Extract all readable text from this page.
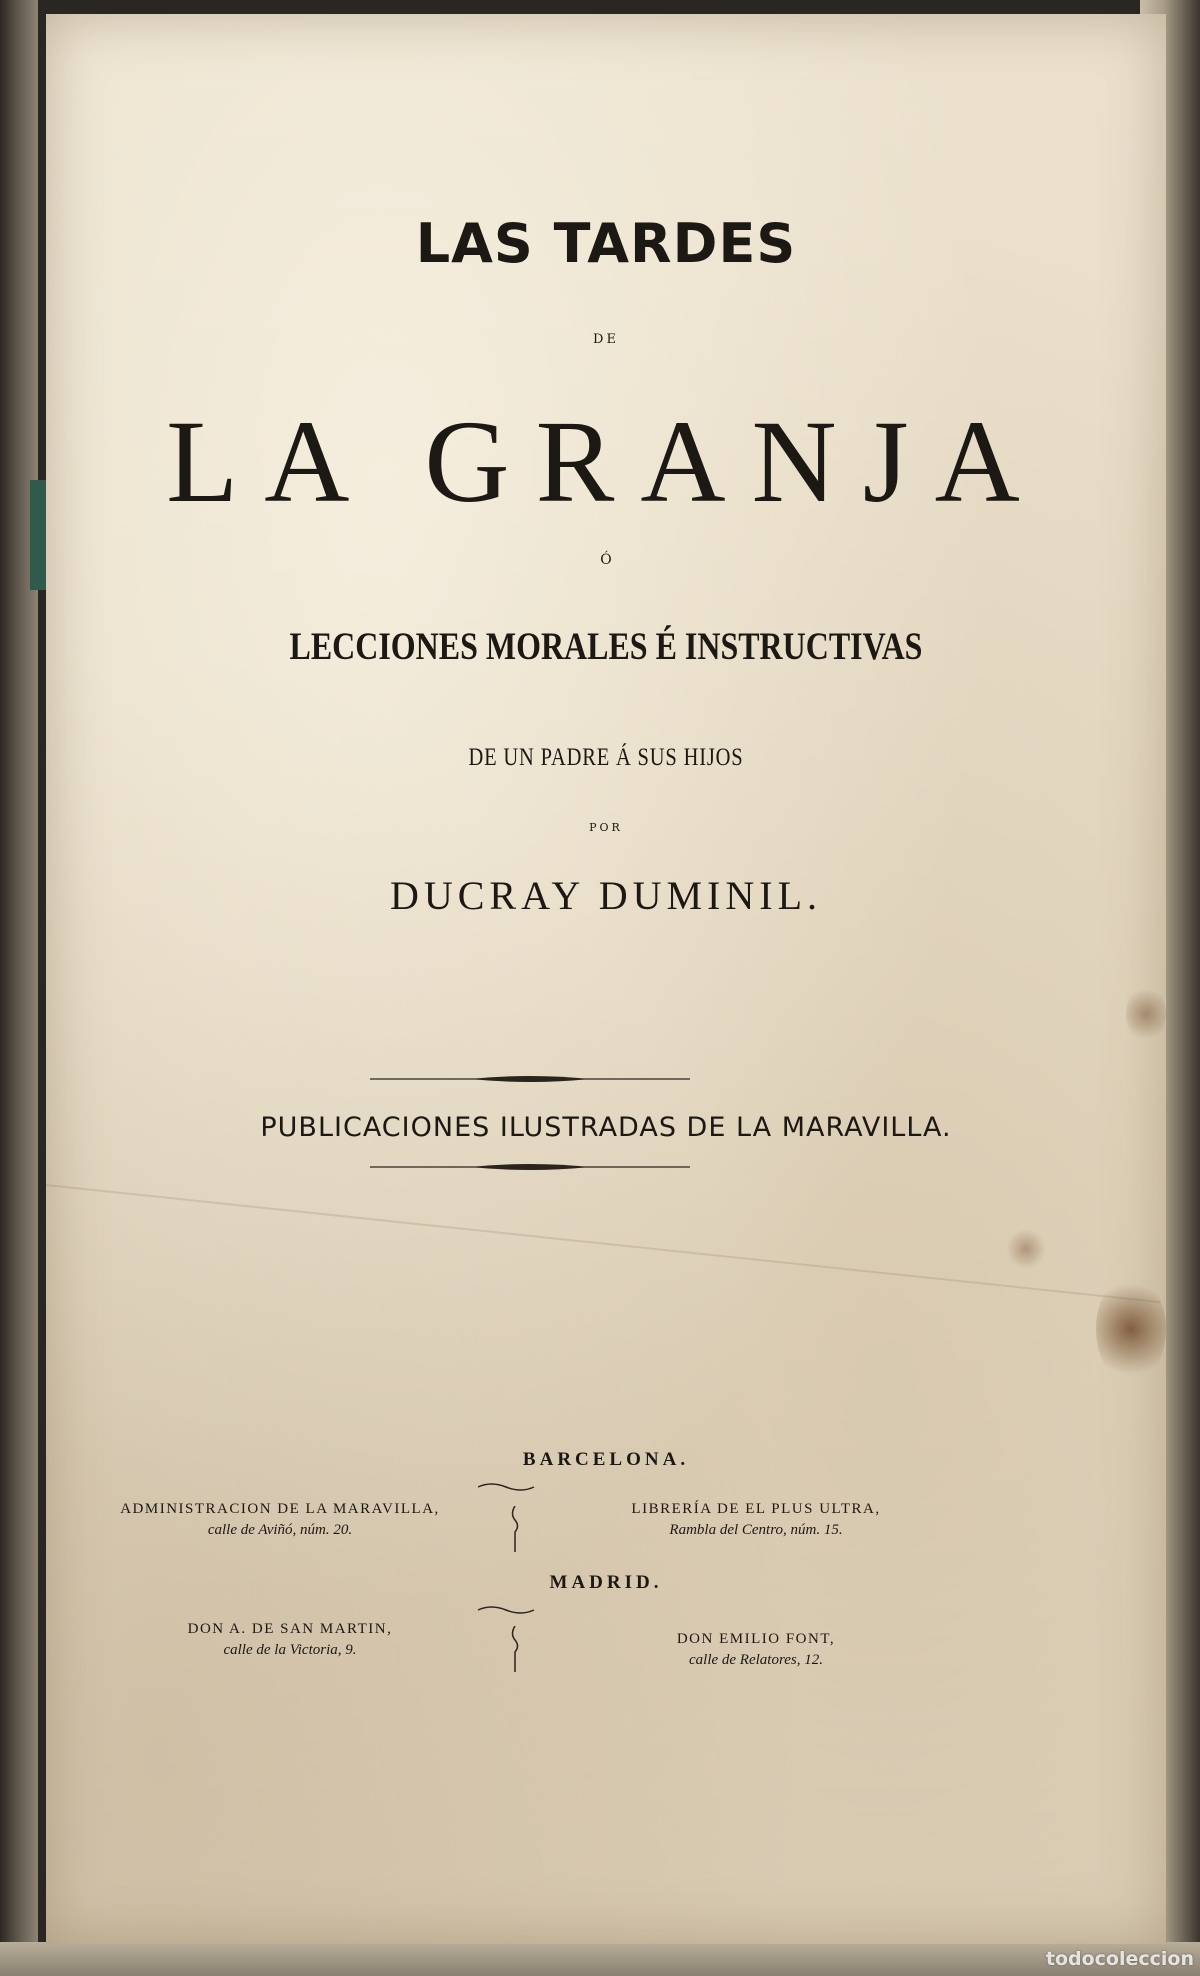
LAS TARDES
DE
LA GRANJA
Ó
LECCIONES MORALES É INSTRUCTIVAS
DE UN PADRE Á SUS HIJOS
POR
DUCRAY DUMINIL.
PUBLICACIONES ILUSTRADAS DE LA MARAVILLA.
BARCELONA.
ADMINISTRACION DE LA MARAVILLA,
calle de Aviñó, núm. 20.
LIBRERÍA DE EL PLUS ULTRA,
Rambla del Centro, núm. 15.
MADRID.
DON A. DE SAN MARTIN,
calle de la Victoria, 9.
DON EMILIO FONT,
calle de Relatores, 12.
todocoleccion
